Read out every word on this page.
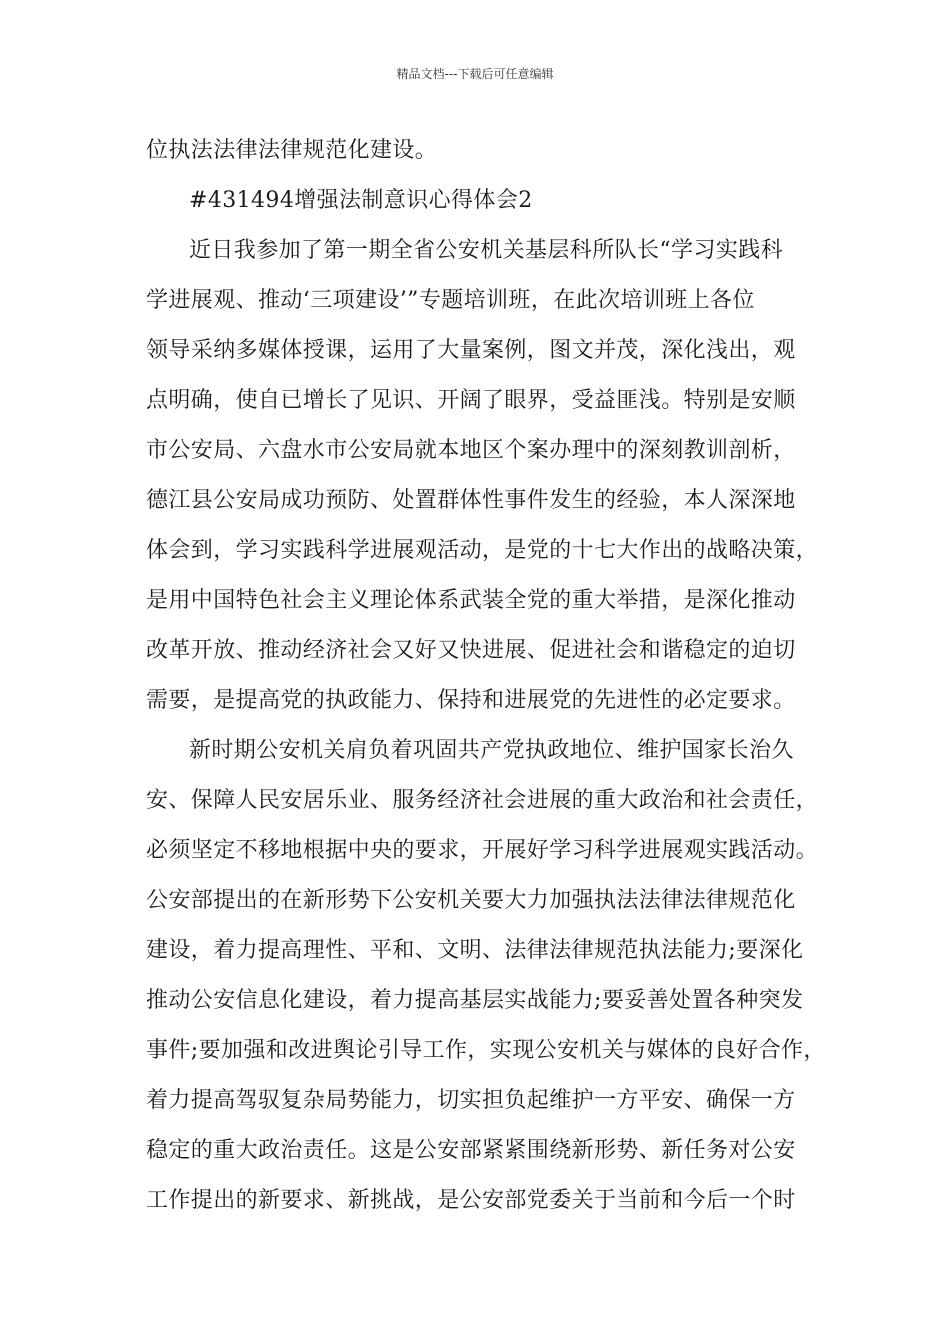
精品文档---下载后可任意编辑
位执法法律法律规范化建设。
#431494增强法制意识心得体会2
近日我参加了第一期全省公安机关基层科所队长“学习实践科
学进展观、推动‘三项建设’”专题培训班，在此次培训班上各位
领导采纳多媒体授课，运用了大量案例，图文并茂，深化浅出，观
点明确，使自已增长了见识、开阔了眼界，受益匪浅。特别是安顺
市公安局、六盘水市公安局就本地区个案办理中的深刻教训剖析，
德江县公安局成功预防、处置群体性事件发生的经验，本人深深地
体会到，学习实践科学进展观活动，是党的十七大作出的战略决策，
是用中国特色社会主义理论体系武装全党的重大举措，是深化推动
改革开放、推动经济社会又好又快进展、促进社会和谐稳定的迫切
需要，是提高党的执政能力、保持和进展党的先进性的必定要求。
新时期公安机关肩负着巩固共产党执政地位、维护国家长治久
安、保障人民安居乐业、服务经济社会进展的重大政治和社会责任，
必须坚定不移地根据中央的要求，开展好学习科学进展观实践活动。
公安部提出的在新形势下公安机关要大力加强执法法律法律规范化
建设，着力提高理性、平和、文明、法律法律规范执法能力;要深化
推动公安信息化建设，着力提高基层实战能力;要妥善处置各种突发
事件;要加强和改进舆论引导工作，实现公安机关与媒体的良好合作，
着力提高驾驭复杂局势能力，切实担负起维护一方平安、确保一方
稳定的重大政治责任。这是公安部紧紧围绕新形势、新任务对公安
工作提出的新要求、新挑战，是公安部党委关于当前和今后一个时
